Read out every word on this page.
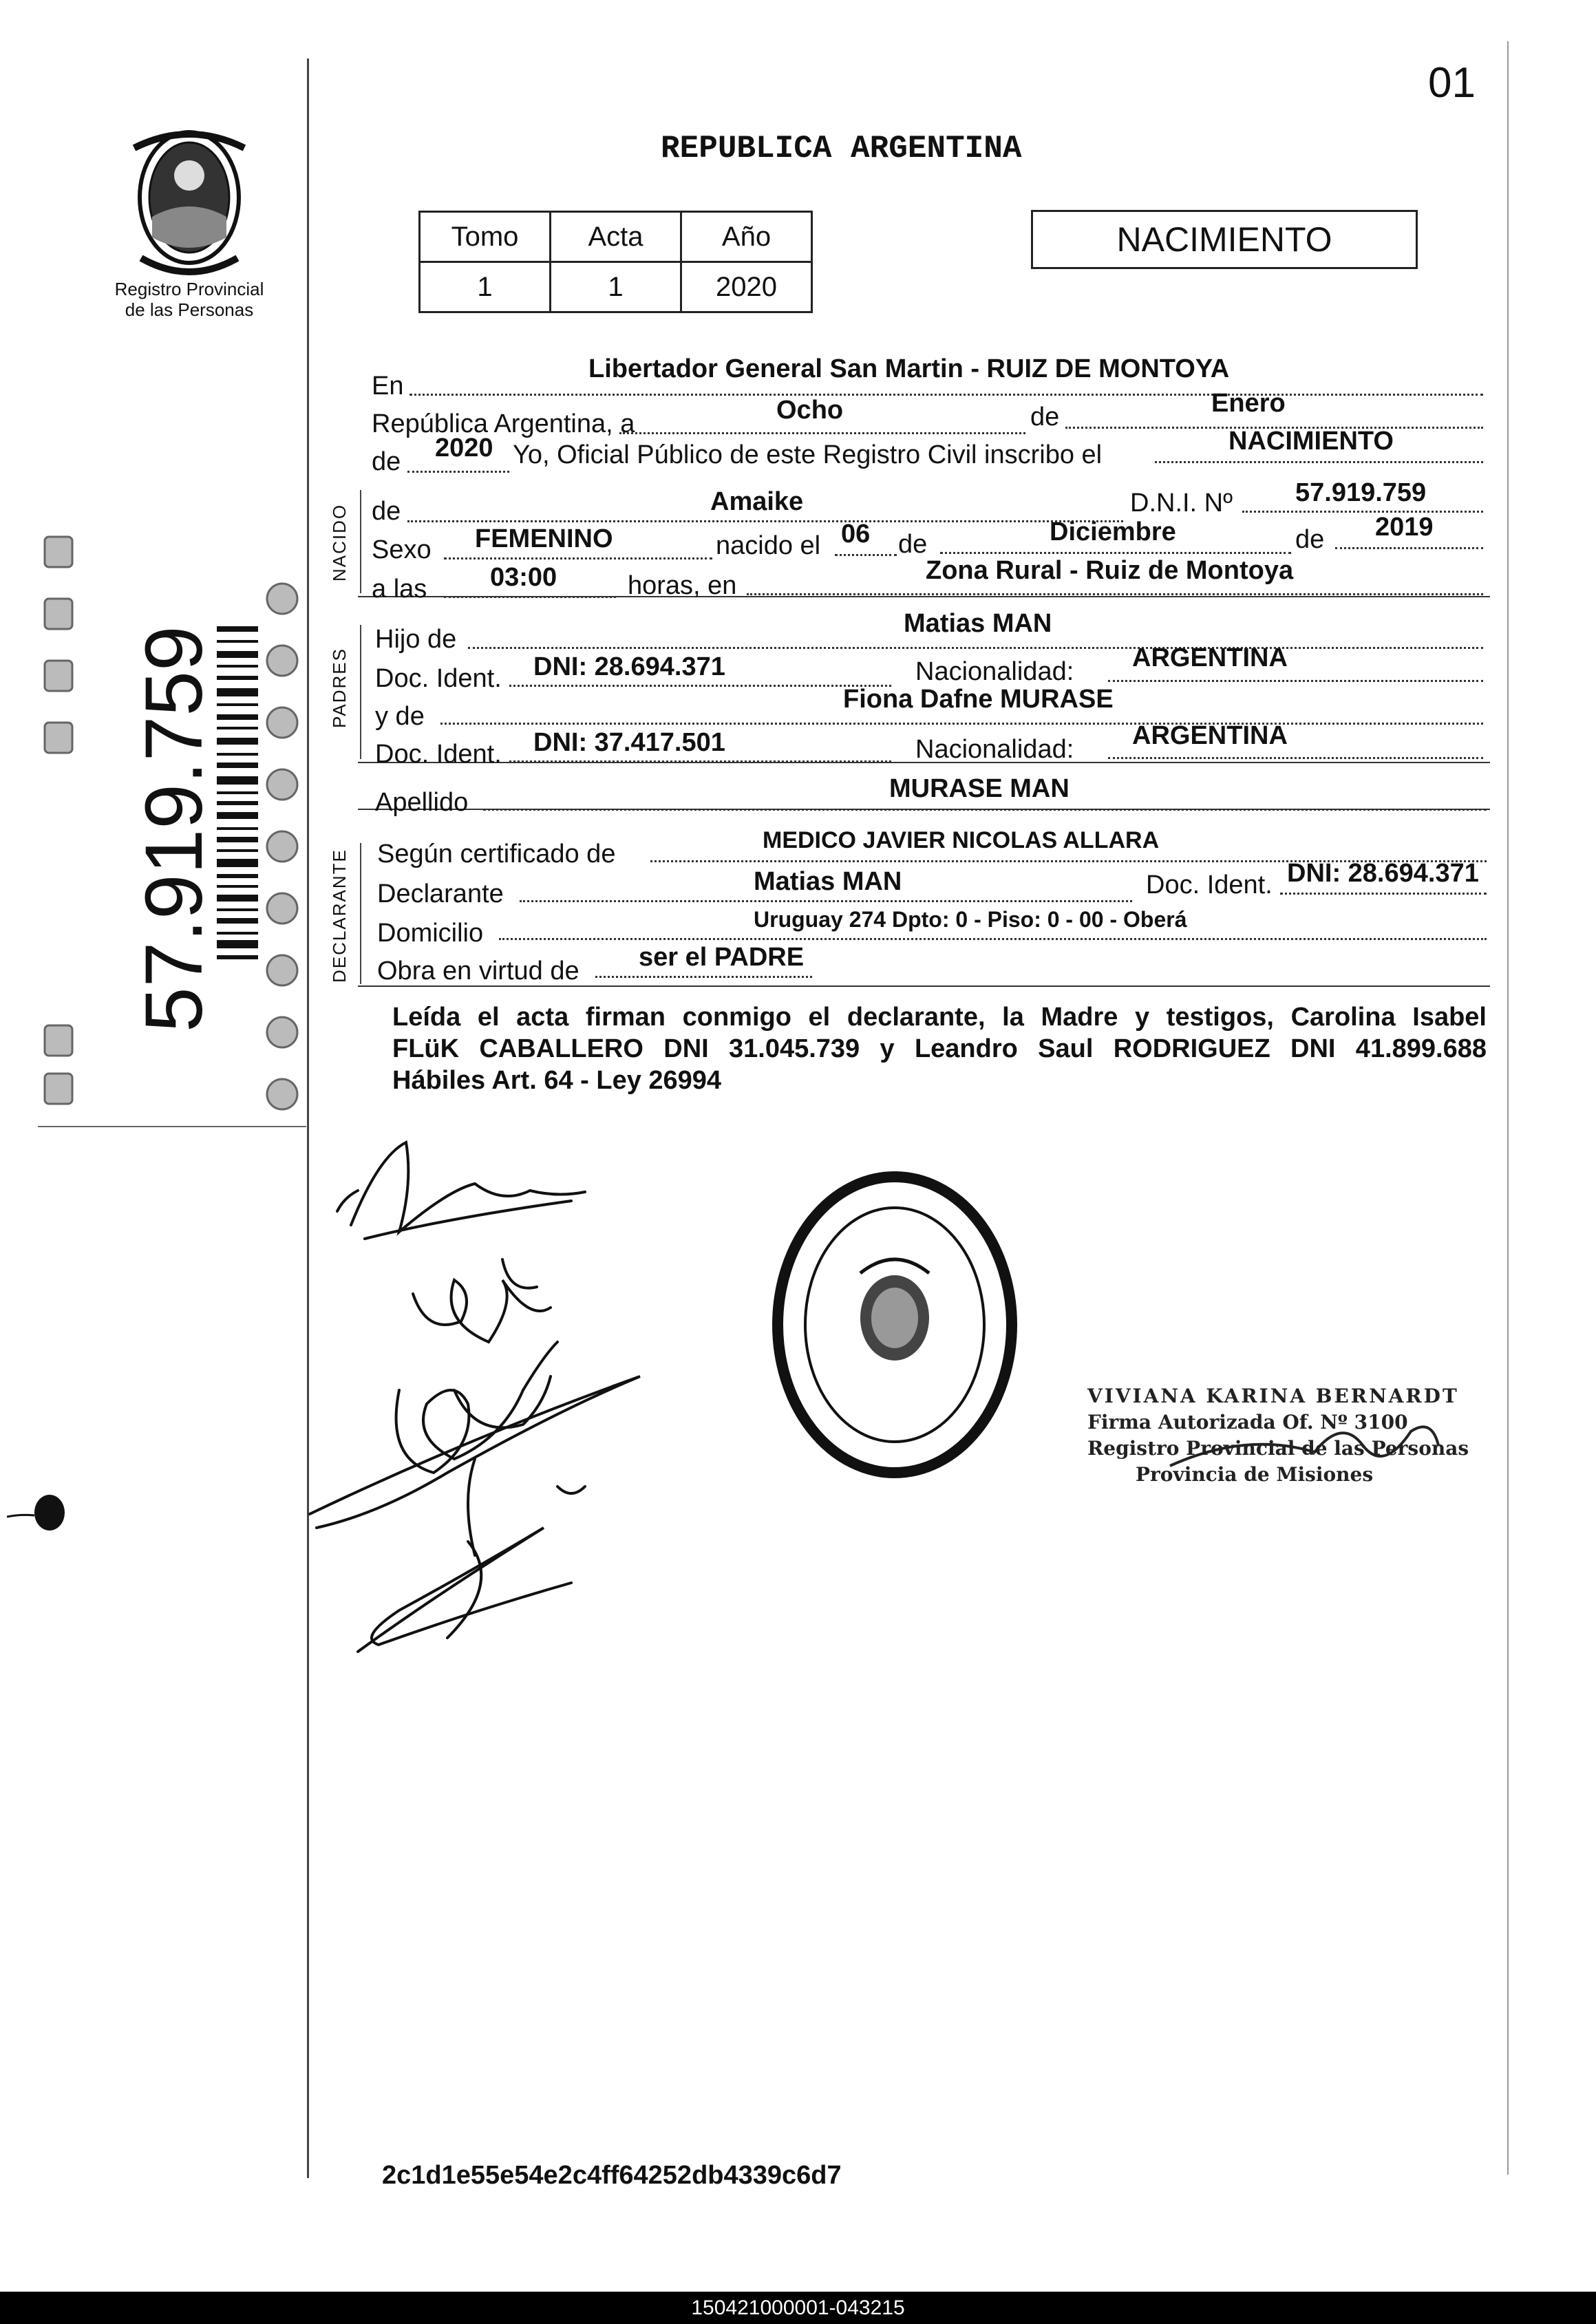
01
Registro Provincial
de las Personas
57.919.759
REPUBLICA ARGENTINA
Tomo	Acta	Año
1	1	2020
NACIMIENTO
NACIDO
PADRES
DECLARANTE
En
Libertador General San Martin - RUIZ DE MONTOYA
República Argentina, a	Ocho	de	Enero
de 2020 Yo, Oficial Público de este Registro Civil inscribo el	NACIMIENTO
de	Amaike	D.N.I. Nº 57.919.759
Sexo FEMENINO	nacido el 06 de	Diciembre	de 2019
a las 03:00	horas, en
Zona Rural - Ruiz de Montoya
Hijo de
Matias MAN
Doc. Ident. DNI: 28.694.371	Nacionalidad: ARGENTINA
y de
Fiona Dafne MURASE
Doc. Ident. DNI: 37.417.501	Nacionalidad: ARGENTINA
Apellido	MURASE MAN
Según certificado de	MEDICO JAVIER NICOLAS ALLARA
Declarante	Matias MAN	Doc. Ident. DNI: 28.694.371
Domicilio	Uruguay 274 Dpto: 0 - Piso: 0 - 00 - Oberá
Obra en virtud de ser el PADRE
Leída el acta firman conmigo el declarante, la Madre y testigos, Carolina Isabel
FLüK CABALLERO DNI 31.045.739 y Leandro Saul RODRIGUEZ DNI 41.899.688
Hábiles Art. 64 - Ley 26994
VIVIANA KARINA BERNARDT
Firma Autorizada Of. Nº 3100
Registro Provincial de las Personas
Provincia de Misiones
2c1d1e55e54e2c4ff64252db4339c6d7
150421000001-043215
